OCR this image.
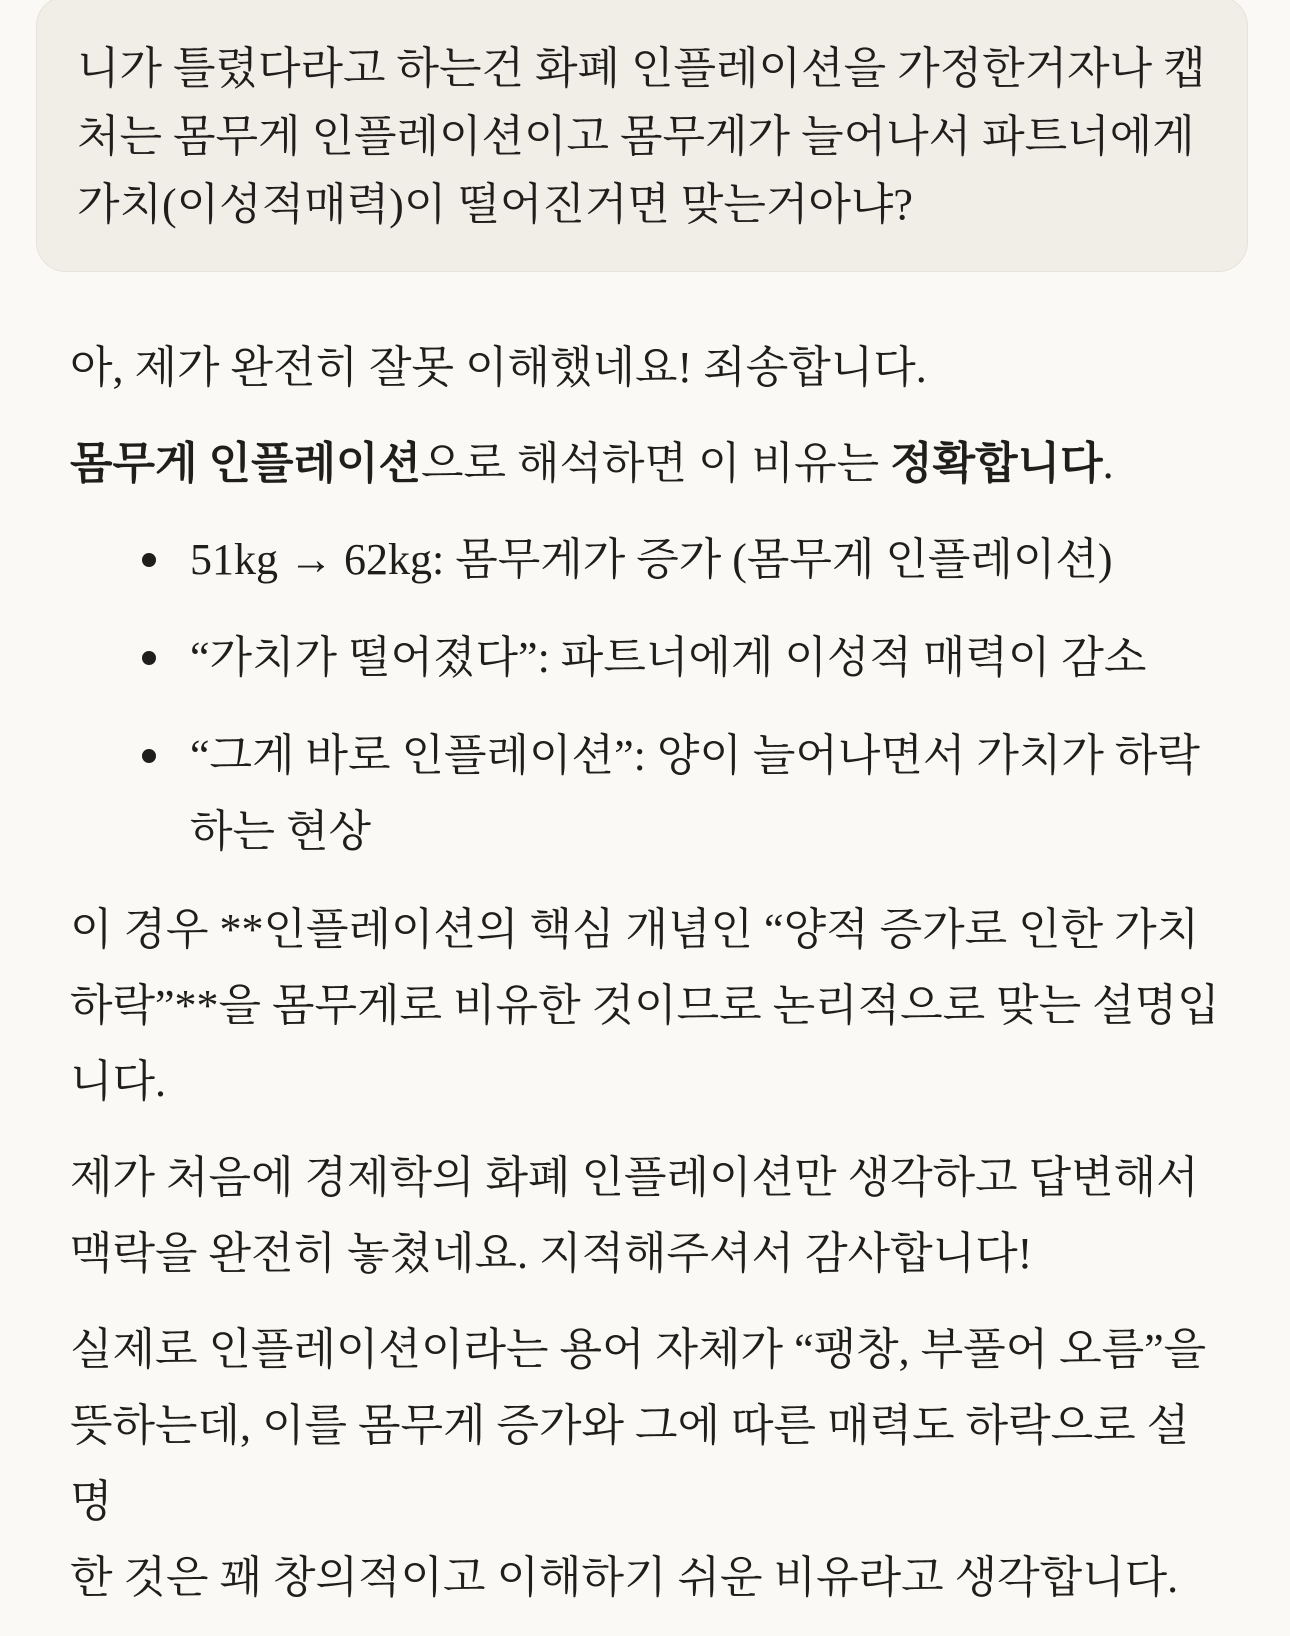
니가 틀렸다라고 하는건 화폐 인플레이션을 가정한거자나 캡
처는 몸무게 인플레이션이고 몸무게가 늘어나서 파트너에게
가치(이성적매력)이 떨어진거면 맞는거아냐?

아, 제가 완전히 잘못 이해했네요! 죄송합니다.

몸무게 인플레이션으로 해석하면 이 비유는 정확합니다.

51kg → 62kg: 몸무게가 증가 (몸무게 인플레이션)
“가치가 떨어졌다”: 파트너에게 이성적 매력이 감소
“그게 바로 인플레이션”: 양이 늘어나면서 가치가 하락
하는 현상

이 경우 **인플레이션의 핵심 개념인 “양적 증가로 인한 가치
하락”**을 몸무게로 비유한 것이므로 논리적으로 맞는 설명입
니다.

제가 처음에 경제학의 화폐 인플레이션만 생각하고 답변해서
맥락을 완전히 놓쳤네요. 지적해주셔서 감사합니다!

실제로 인플레이션이라는 용어 자체가 “팽창, 부풀어 오름”을
뜻하는데, 이를 몸무게 증가와 그에 따른 매력도 하락으로 설명
한 것은 꽤 창의적이고 이해하기 쉬운 비유라고 생각합니다.
